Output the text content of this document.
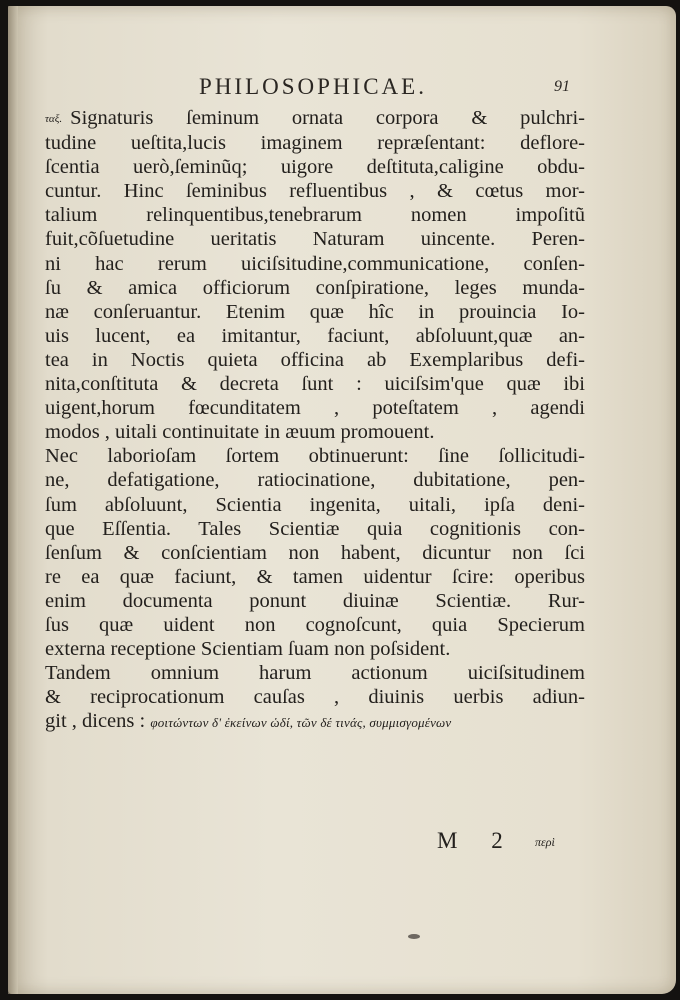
PHILOSOPHICAE.	91
ταξ. Signaturis ſeminum ornata corpora & pulchri-
tudine ueſtita,lucis imaginem repræſentant: deflore-
ſcentia uerò,ſeminũq; uigore deſtituta,caligine obdu-
cuntur. Hinc ſeminibus refluentibus , & cœtus mor-
talium relinquentibus,tenebrarum nomen impoſitũ
fuit,cõſuetudine ueritatis Naturam uincente. Peren-
ni hac rerum uiciſsitudine,communicatione, conſen-
ſu & amica officiorum conſpiratione, leges munda-
næ conſeruantur. Etenim quæ hîc in prouincia Io-
uis lucent, ea imitantur, faciunt, abſoluunt,quæ an-
tea in Noctis quieta officina ab Exemplaribus defi-
nita,conſtituta & decreta ſunt : uiciſsim'que quæ ibi
uigent,horum fœcunditatem , poteſtatem , agendi
modos , uitali continuitate in æuum promouent.
Nec laborioſam ſortem obtinuerunt: ſine ſollicitudi-
ne, defatigatione, ratiocinatione, dubitatione, pen-
ſum abſoluunt, Scientia ingenita, uitali, ipſa deni-
que Eſſentia. Tales Scientiæ quia cognitionis con-
ſenſum & conſcientiam non habent, dicuntur non ſci
re ea quæ faciunt, & tamen uidentur ſcire: operibus
enim documenta ponunt diuinæ Scientiæ. Rur-
ſus quæ uident non cognoſcunt, quia Specierum
externa receptione Scientiam ſuam non poſsident.
Tandem omnium harum actionum uiciſsitudinem
& reciprocationum cauſas , diuinis uerbis adiun-
git , dicens : φοιτώντων δ' ἐκείνων ὡδί, τῶν δέ τινάς, συμμισγομένων
M 2 περὶ
